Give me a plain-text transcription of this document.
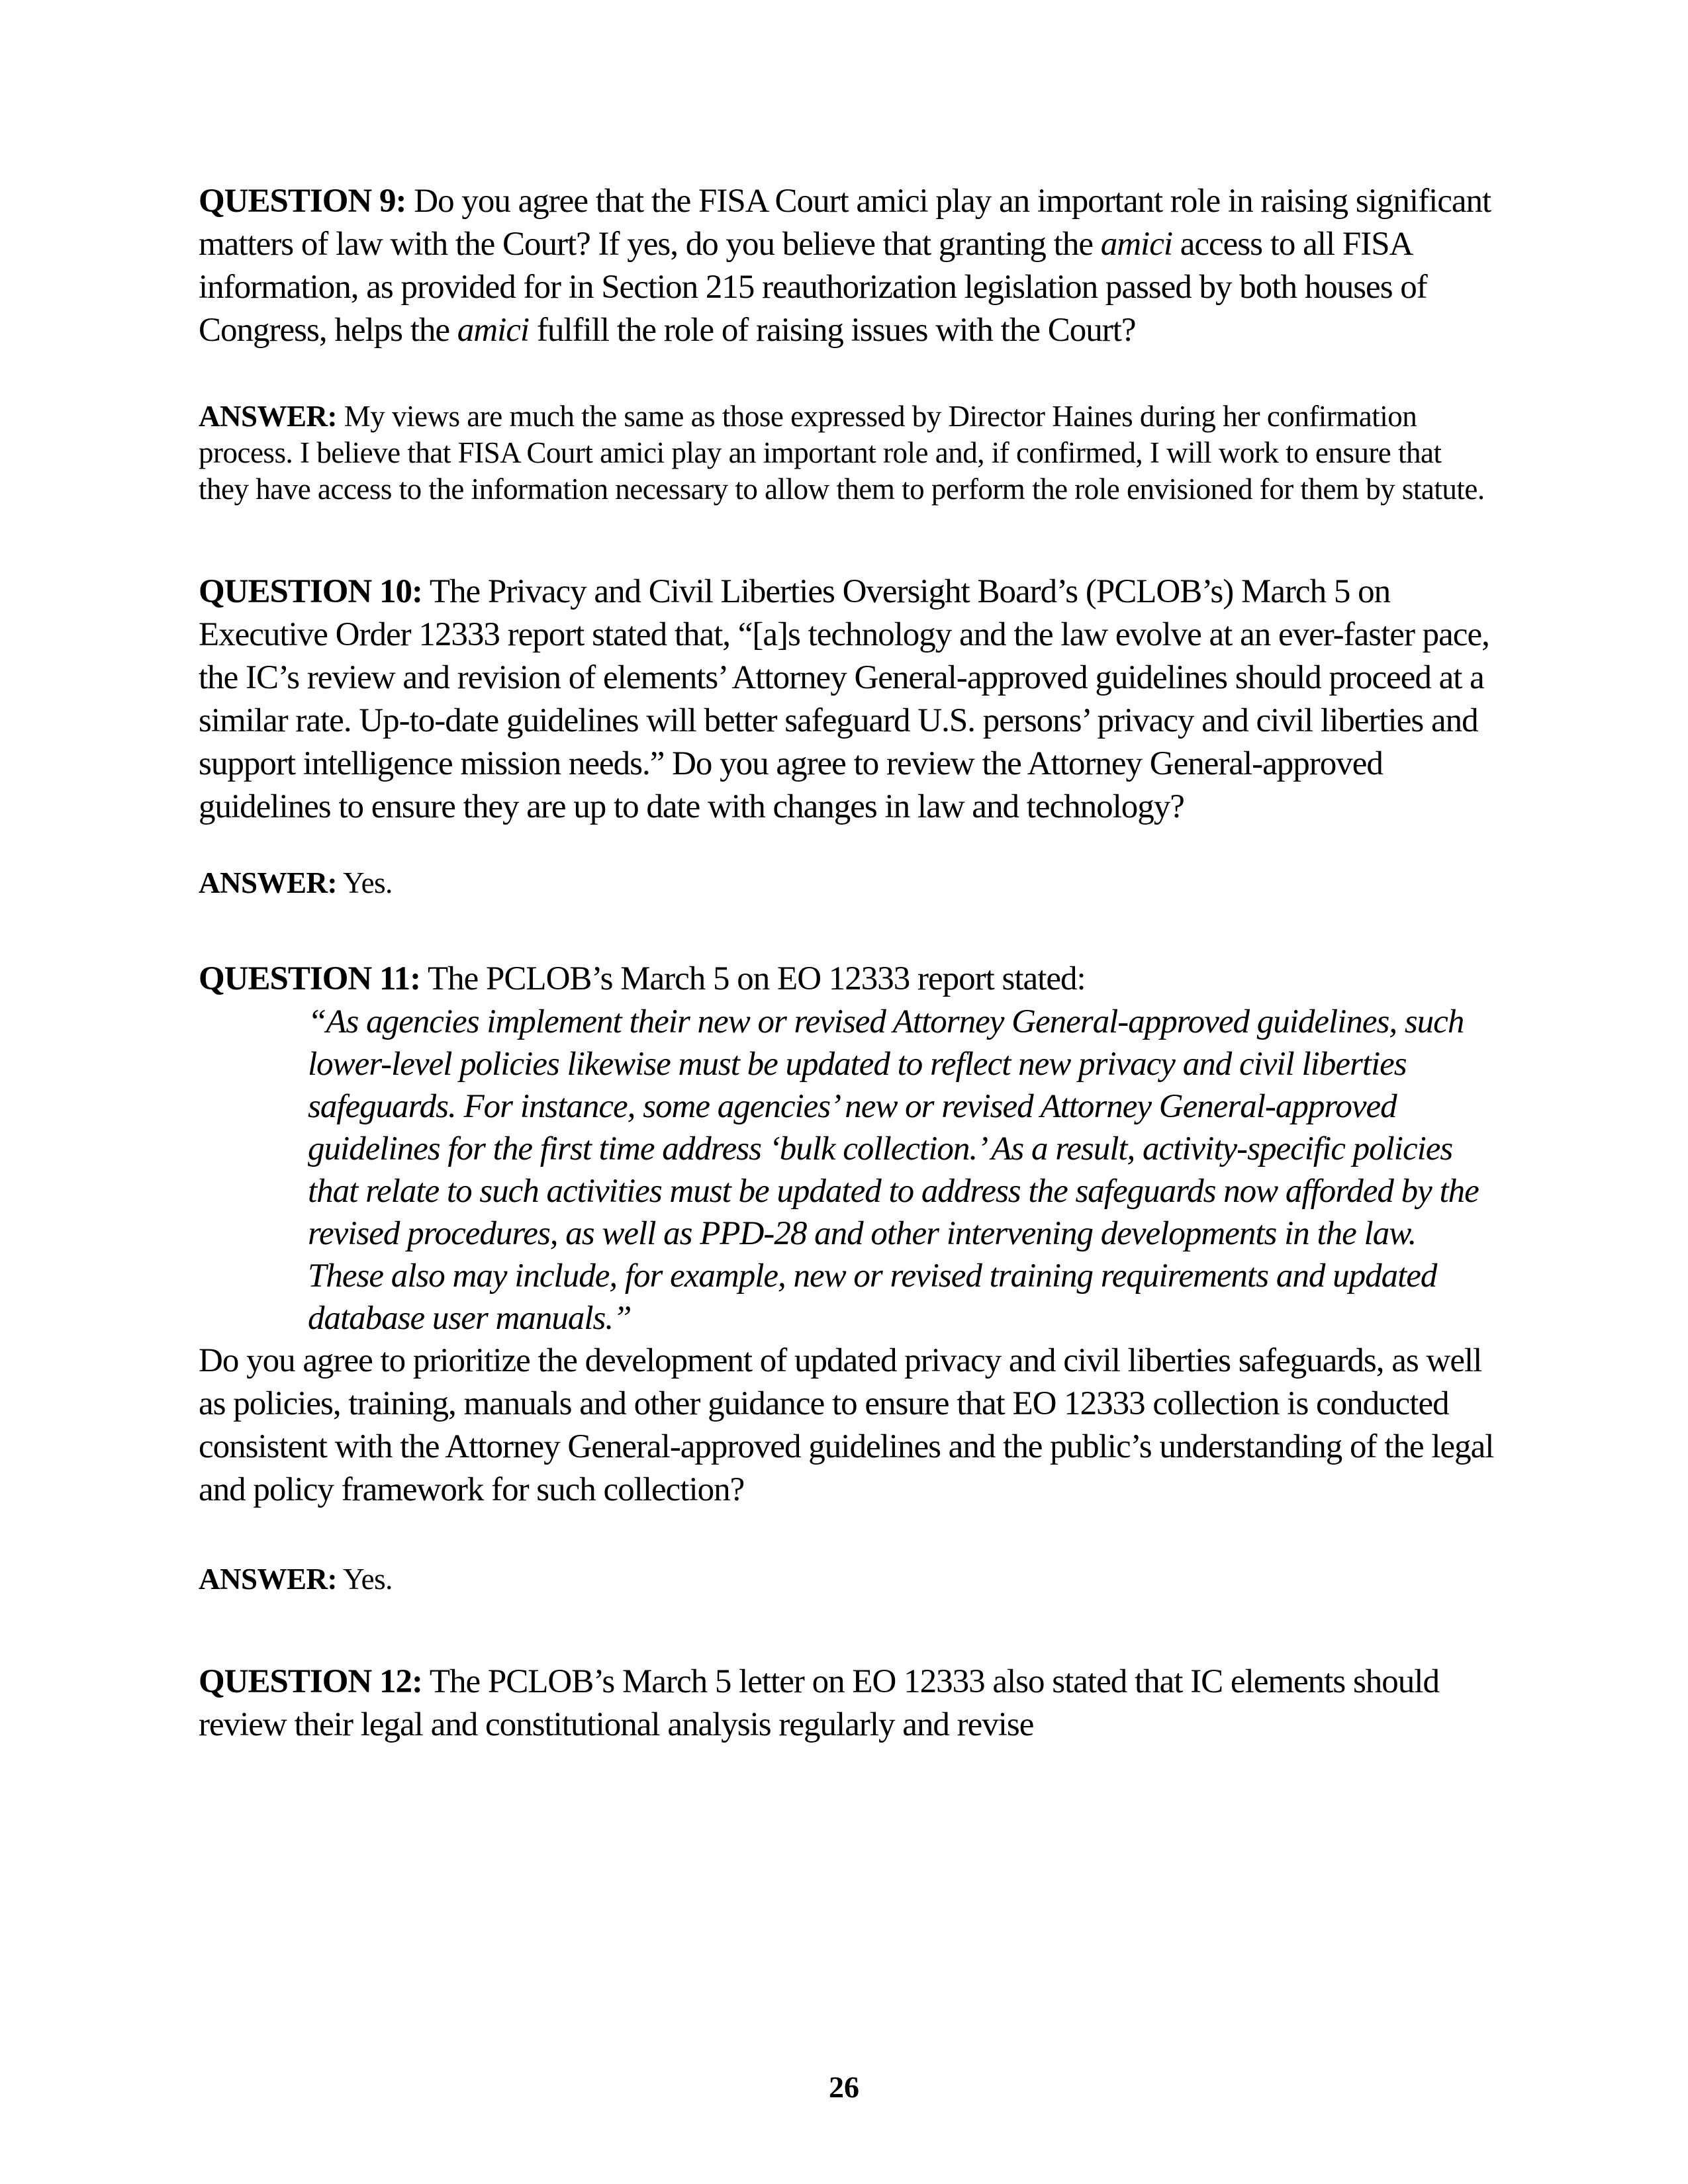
QUESTION 9: Do you agree that the FISA Court amici play an important role in raising significant matters of law with the Court? If yes, do you believe that granting the amici access to all FISA information, as provided for in Section 215 reauthorization legislation passed by both houses of Congress, helps the amici fulfill the role of raising issues with the Court?

ANSWER: My views are much the same as those expressed by Director Haines during her confirmation process. I believe that FISA Court amici play an important role and, if confirmed, I will work to ensure that they have access to the information necessary to allow them to perform the role envisioned for them by statute.

QUESTION 10: The Privacy and Civil Liberties Oversight Board’s (PCLOB’s) March 5 on Executive Order 12333 report stated that, “[a]s technology and the law evolve at an ever-faster pace, the IC’s review and revision of elements’ Attorney General-approved guidelines should proceed at a similar rate. Up-to-date guidelines will better safeguard U.S. persons’ privacy and civil liberties and support intelligence mission needs.” Do you agree to review the Attorney General-approved guidelines to ensure they are up to date with changes in law and technology?

ANSWER: Yes.

QUESTION 11: The PCLOB’s March 5 on EO 12333 report stated:

“As agencies implement their new or revised Attorney General-approved guidelines, such lower-level policies likewise must be updated to reflect new privacy and civil liberties safeguards. For instance, some agencies’ new or revised Attorney General-approved guidelines for the first time address ‘bulk collection.’ As a result, activity-specific policies that relate to such activities must be updated to address the safeguards now afforded by the revised procedures, as well as PPD-28 and other intervening developments in the law. These also may include, for example, new or revised training requirements and updated database user manuals.”

Do you agree to prioritize the development of updated privacy and civil liberties safeguards, as well as policies, training, manuals and other guidance to ensure that EO 12333 collection is conducted consistent with the Attorney General-approved guidelines and the public’s understanding of the legal and policy framework for such collection?

ANSWER: Yes.

QUESTION 12: The PCLOB’s March 5 letter on EO 12333 also stated that IC elements should review their legal and constitutional analysis regularly and revise

26
